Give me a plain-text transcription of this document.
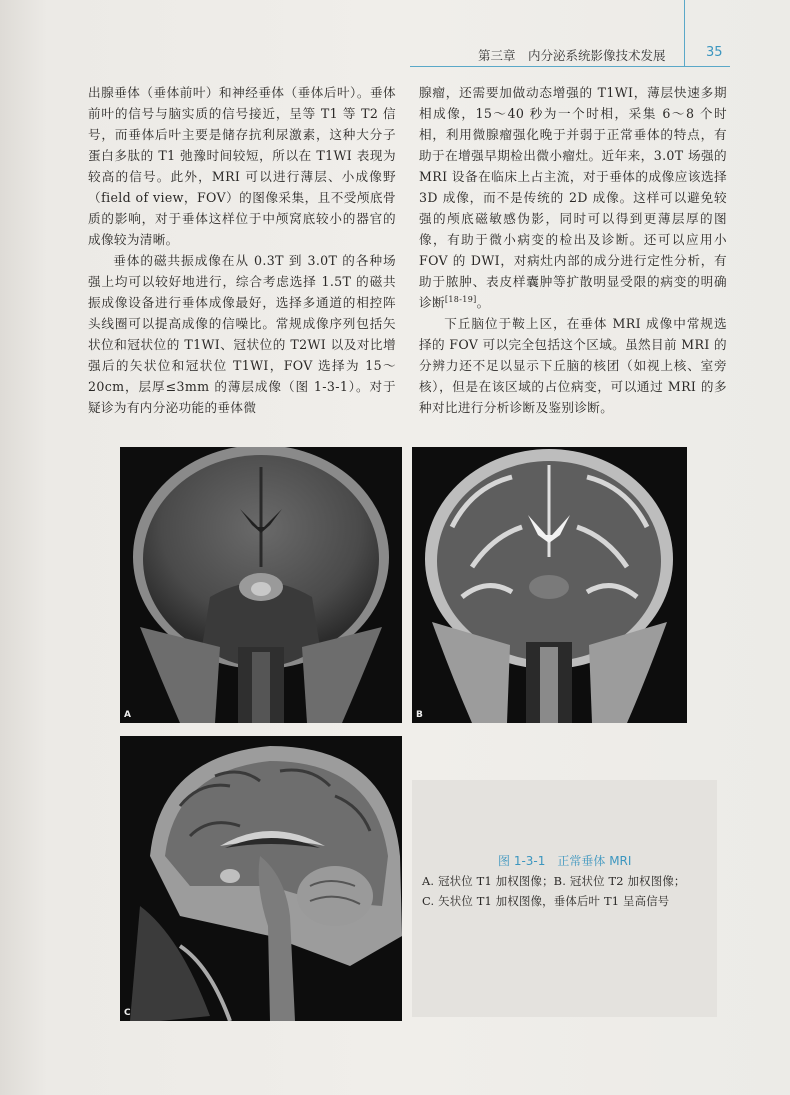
第三章　内分泌系统影像技术发展	35

出腺垂体（垂体前叶）和神经垂体（垂体后叶）。垂体前叶的信号与脑实质的信号接近，呈等 T1 等 T2 信号，而垂体后叶主要是储存抗利尿激素，这种大分子蛋白多肽的 T1 弛豫时间较短，所以在 T1WI 表现为较高的信号。此外，MRI 可以进行薄层、小成像野（field of view，FOV）的图像采集，且不受颅底骨质的影响，对于垂体这样位于中颅窝底较小的器官的成像较为清晰。

垂体的磁共振成像在从 0.3T 到 3.0T 的各种场强上均可以较好地进行，综合考虑选择 1.5T 的磁共振成像设备进行垂体成像最好，选择多通道的相控阵头线圈可以提高成像的信噪比。常规成像序列包括矢状位和冠状位的 T1WI、冠状位的 T2WI 以及对比增强后的矢状位和冠状位 T1WI，FOV 选择为 15～20cm，层厚≤3mm 的薄层成像（图 1-3-1）。对于疑诊为有内分泌功能的垂体微

腺瘤，还需要加做动态增强的 T1WI，薄层快速多期相成像，15～40 秒为一个时相，采集 6～8 个时相，利用微腺瘤强化晚于并弱于正常垂体的特点，有助于在增强早期检出微小瘤灶。近年来，3.0T 场强的 MRI 设备在临床上占主流，对于垂体的成像应该选择 3D 成像，而不是传统的 2D 成像。这样可以避免较强的颅底磁敏感伪影，同时可以得到更薄层厚的图像，有助于微小病变的检出及诊断。还可以应用小 FOV 的 DWI，对病灶内部的成分进行定性分析，有助于脓肿、表皮样囊肿等扩散明显受限的病变的明确诊断[18-19]。

下丘脑位于鞍上区，在垂体 MRI 成像中常规选择的 FOV 可以完全包括这个区域。虽然目前 MRI 的分辨力还不足以显示下丘脑的核团（如视上核、室旁核），但是在该区域的占位病变，可以通过 MRI 的多种对比进行分析诊断及鉴别诊断。

A	B
C
图 1-3-1　正常垂体 MRI
A. 冠状位 T1 加权图像；B. 冠状位 T2 加权图像；
C. 矢状位 T1 加权图像，垂体后叶 T1 呈高信号
